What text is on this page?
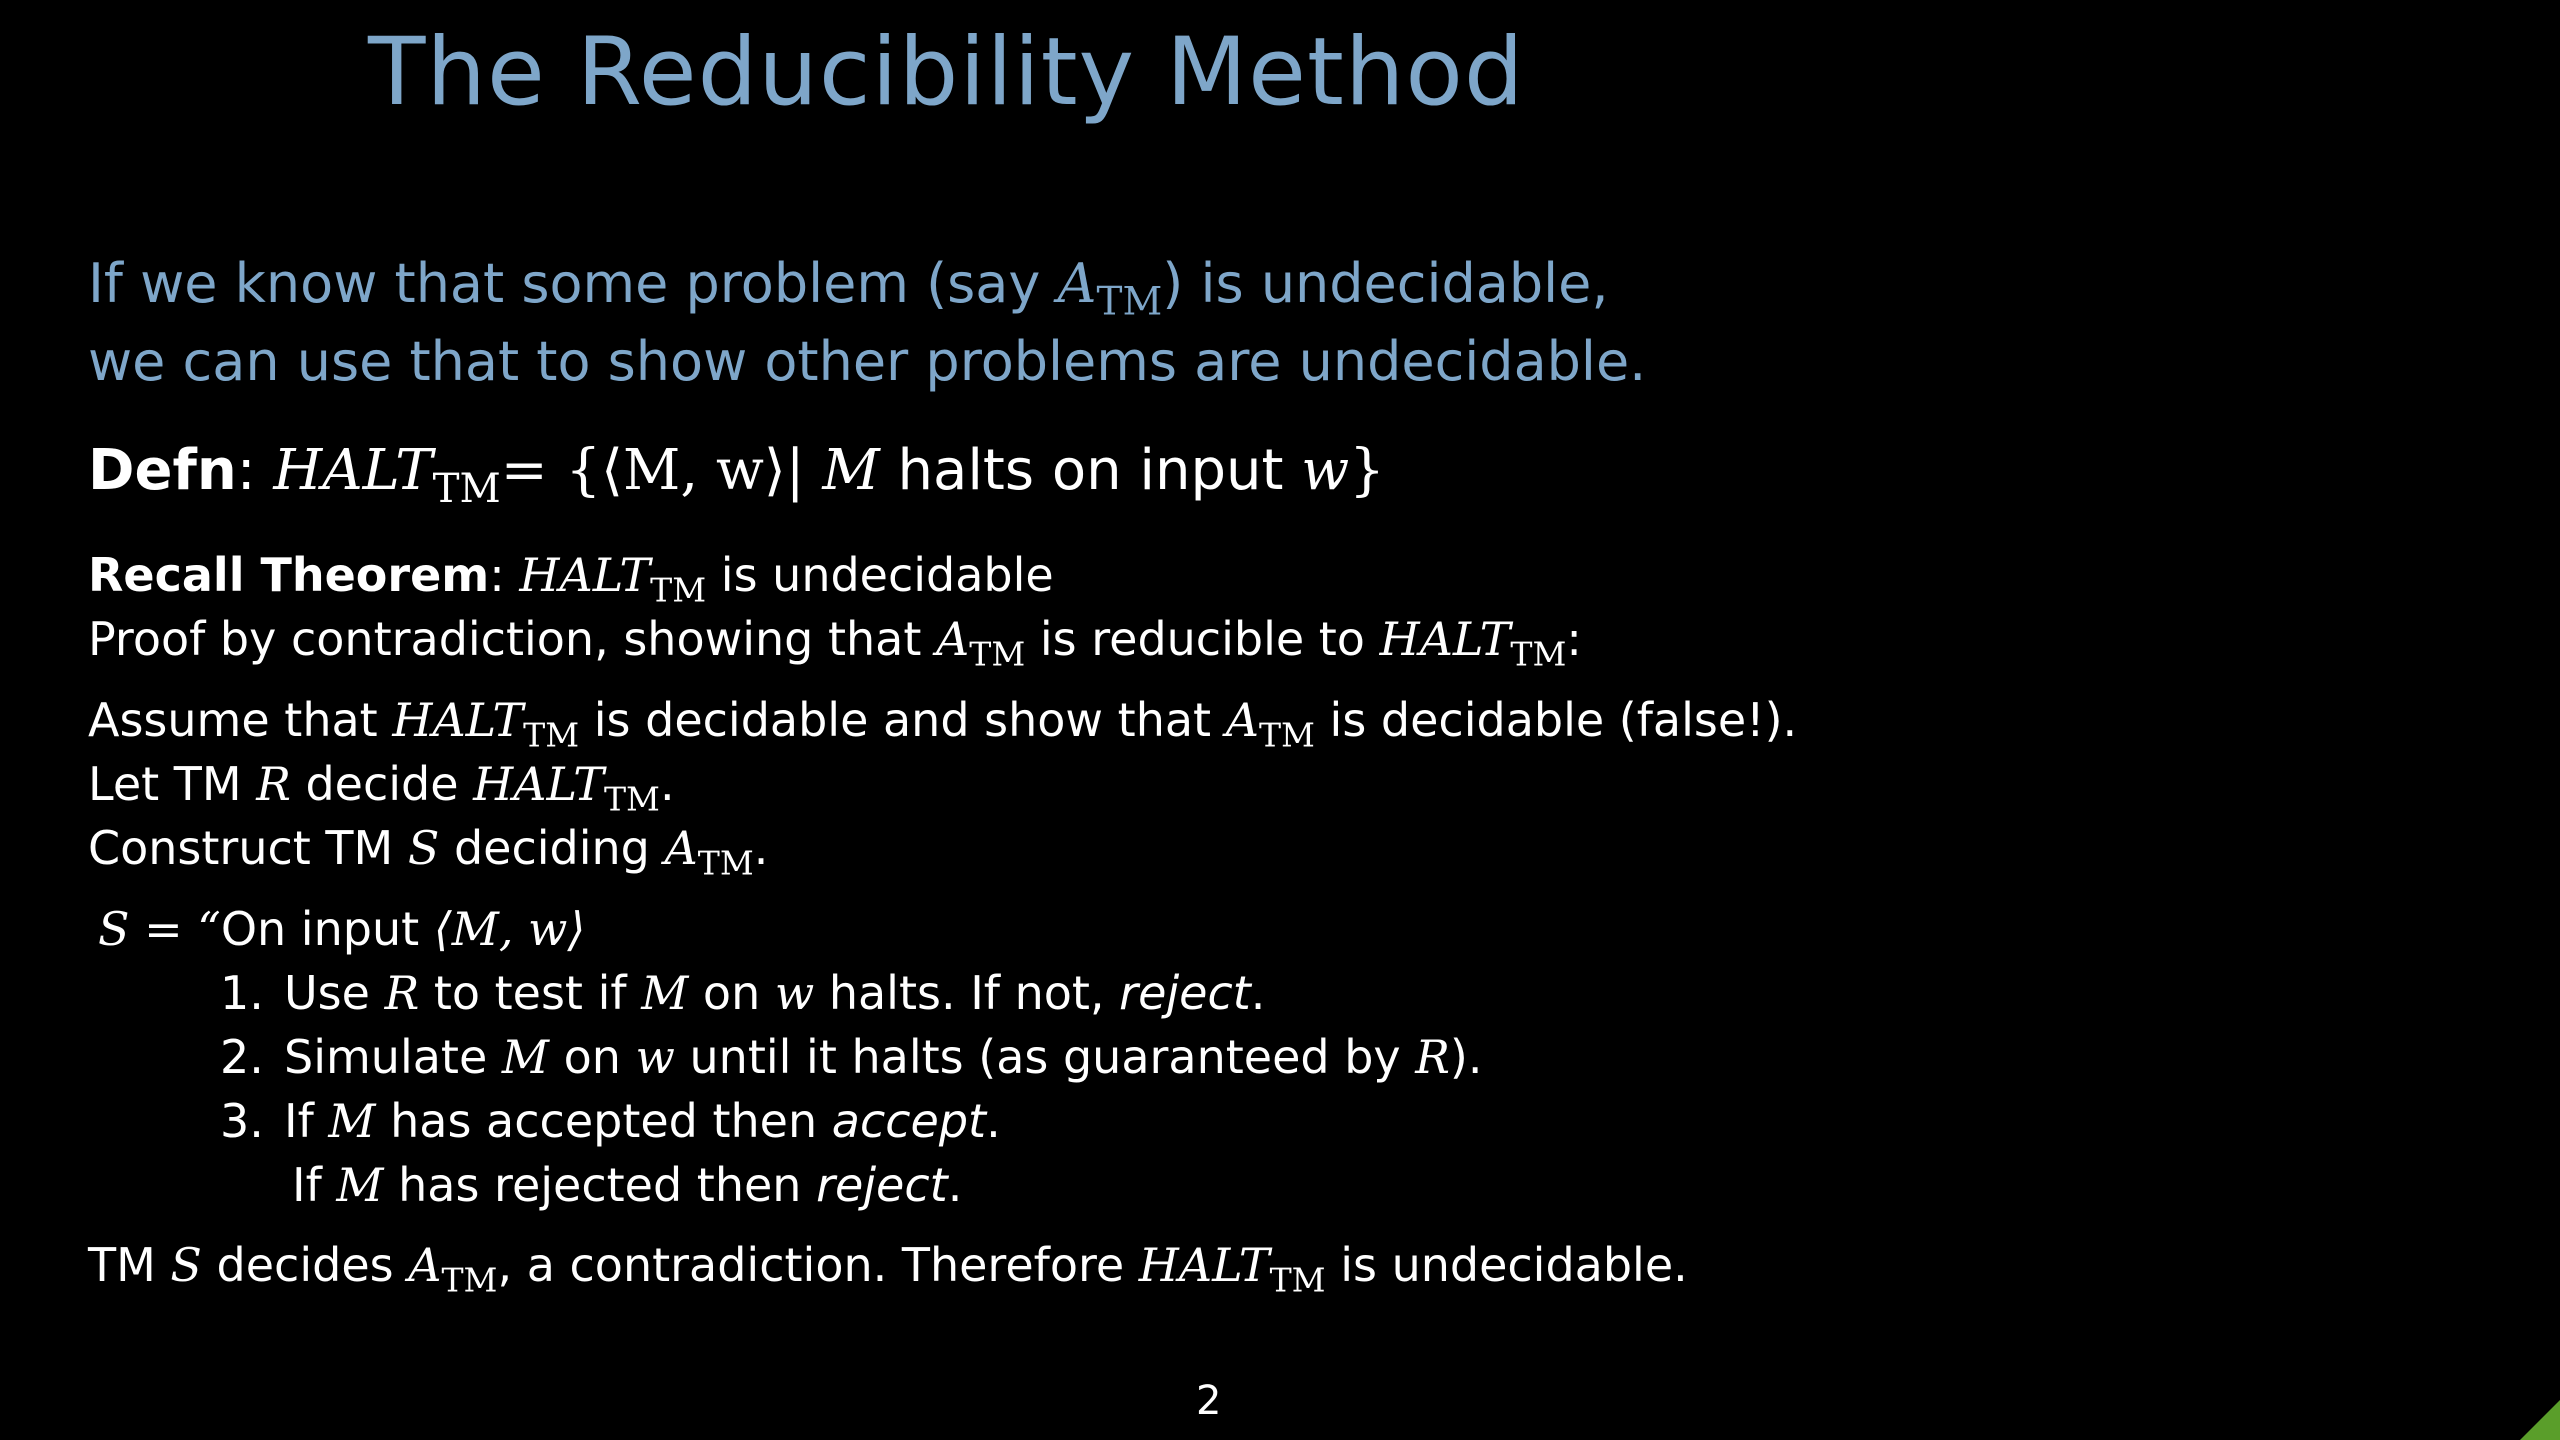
The Reducibility Method
If we know that some problem (say $A_{TM}$) is undecidable,
we can use that to show other problems are undecidable.
Defn: $HALT_{TM}=$ {⟨M, w⟩| M halts on input w}
Recall Theorem: $HALT_{TM}$ is undecidable
Proof by contradiction, showing that $A_{TM}$ is reducible to $HALT_{TM}$:
Assume that $HALT_{TM}$ is decidable and show that $A_{TM}$ is decidable (false!).
Let TM R decide $HALT_{TM}$.
Construct TM S deciding $A_{TM}$.
S = “On input ⟨M, w⟩
1. Use R to test if M on w halts. If not, reject.
2. Simulate M on w until it halts (as guaranteed by R).
3. If M has accepted then accept.
If M has rejected then reject.
TM S decides $A_{TM}$, a contradiction. Therefore $HALT_{TM}$ is undecidable.
2
